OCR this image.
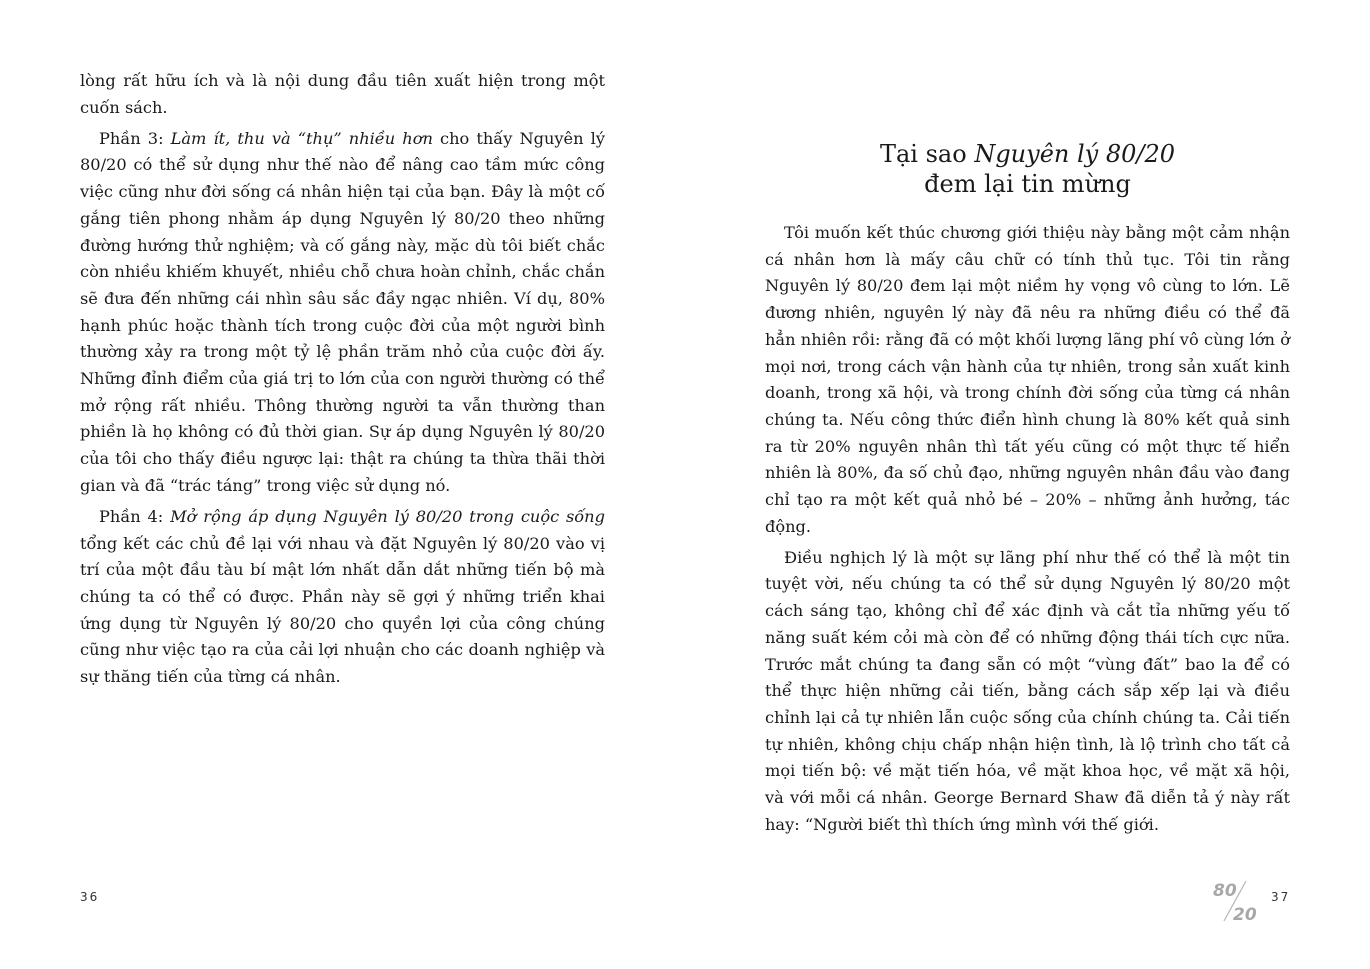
lòng rất hữu ích và là nội dung đầu tiên xuất hiện trong một cuốn sách.

Phần 3: Làm ít, thu và “thụ” nhiều hơn cho thấy Nguyên lý 80/20 có thể sử dụng như thế nào để nâng cao tầm mức công việc cũng như đời sống cá nhân hiện tại của bạn. Đây là một cố gắng tiên phong nhằm áp dụng Nguyên lý 80/20 theo những đường hướng thử nghiệm; và cố gắng này, mặc dù tôi biết chắc còn nhiều khiếm khuyết, nhiều chỗ chưa hoàn chỉnh, chắc chắn sẽ đưa đến những cái nhìn sâu sắc đầy ngạc nhiên. Ví dụ, 80% hạnh phúc hoặc thành tích trong cuộc đời của một người bình thường xảy ra trong một tỷ lệ phần trăm nhỏ của cuộc đời ấy. Những đỉnh điểm của giá trị to lớn của con người thường có thể mở rộng rất nhiều. Thông thường người ta vẫn thường than phiền là họ không có đủ thời gian. Sự áp dụng Nguyên lý 80/20 của tôi cho thấy điều ngược lại: thật ra chúng ta thừa thãi thời gian và đã “trác táng” trong việc sử dụng nó.

Phần 4: Mở rộng áp dụng Nguyên lý 80/20 trong cuộc sống tổng kết các chủ đề lại với nhau và đặt Nguyên lý 80/20 vào vị trí của một đầu tàu bí mật lớn nhất dẫn dắt những tiến bộ mà chúng ta có thể có được. Phần này sẽ gợi ý những triển khai ứng dụng từ Nguyên lý 80/20 cho quyền lợi của công chúng cũng như việc tạo ra của cải lợi nhuận cho các doanh nghiệp và sự thăng tiến của từng cá nhân.

36
Tại sao Nguyên lý 80/20
đem lại tin mừng

Tôi muốn kết thúc chương giới thiệu này bằng một cảm nhận cá nhân hơn là mấy câu chữ có tính thủ tục. Tôi tin rằng Nguyên lý 80/20 đem lại một niềm hy vọng vô cùng to lớn. Lẽ đương nhiên, nguyên lý này đã nêu ra những điều có thể đã hẳn nhiên rồi: rằng đã có một khối lượng lãng phí vô cùng lớn ở mọi nơi, trong cách vận hành của tự nhiên, trong sản xuất kinh doanh, trong xã hội, và trong chính đời sống của từng cá nhân chúng ta. Nếu công thức điển hình chung là 80% kết quả sinh ra từ 20% nguyên nhân thì tất yếu cũng có một thực tế hiển nhiên là 80%, đa số chủ đạo, những nguyên nhân đầu vào đang chỉ tạo ra một kết quả nhỏ bé – 20% – những ảnh hưởng, tác động.

Điều nghịch lý là một sự lãng phí như thế có thể là một tin tuyệt vời, nếu chúng ta có thể sử dụng Nguyên lý 80/20 một cách sáng tạo, không chỉ để xác định và cắt tỉa những yếu tố năng suất kém cỏi mà còn để có những động thái tích cực nữa. Trước mắt chúng ta đang sẵn có một “vùng đất” bao la để có thể thực hiện những cải tiến, bằng cách sắp xếp lại và điều chỉnh lại cả tự nhiên lẫn cuộc sống của chính chúng ta. Cải tiến tự nhiên, không chịu chấp nhận hiện tình, là lộ trình cho tất cả mọi tiến bộ: về mặt tiến hóa, về mặt khoa học, về mặt xã hội, và với mỗi cá nhân. George Bernard Shaw đã diễn tả ý này rất hay: “Người biết thì thích ứng mình với thế giới.

80
20
37
